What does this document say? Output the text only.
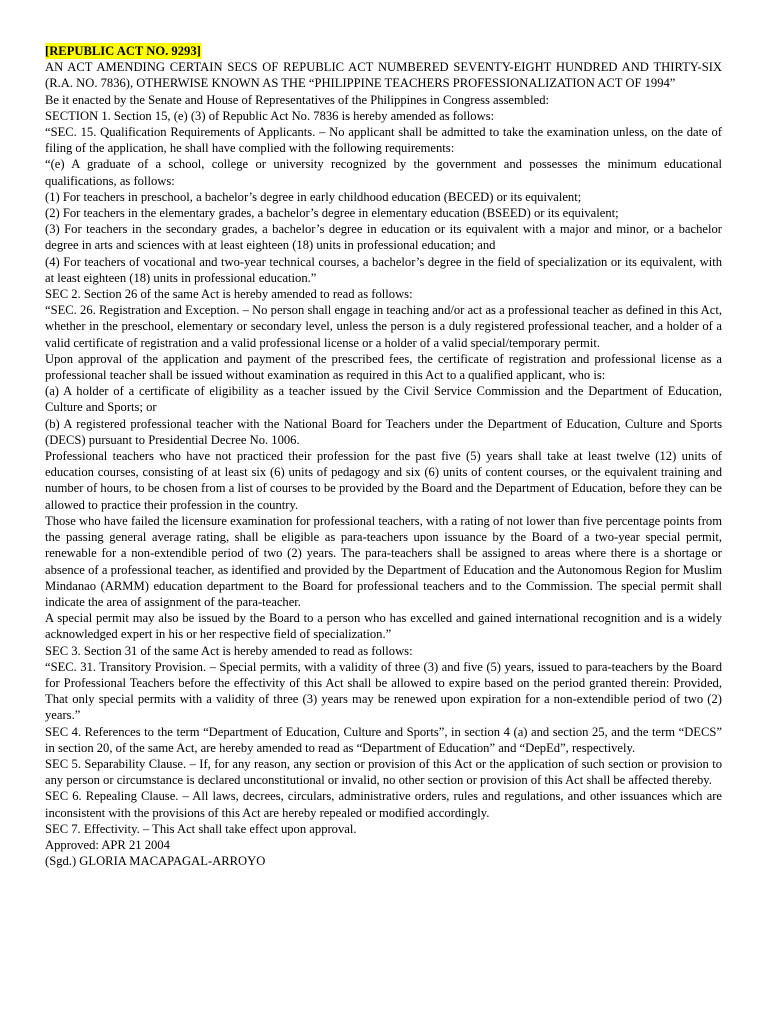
[REPUBLIC ACT NO. 9293]

AN ACT AMENDING CERTAIN SECS OF REPUBLIC ACT NUMBERED SEVENTY-EIGHT HUNDRED AND THIRTY-SIX (R.A. NO. 7836), OTHERWISE KNOWN AS THE “PHILIPPINE TEACHERS PROFESSIONALIZATION ACT OF 1994”

Be it enacted by the Senate and House of Representatives of the Philippines in Congress assembled:

SECTION 1. Section 15, (e) (3) of Republic Act No. 7836 is hereby amended as follows:

“SEC. 15. Qualification Requirements of Applicants. – No applicant shall be admitted to take the examination unless, on the date of filing of the application, he shall have complied with the following requirements:

“(e) A graduate of a school, college or university recognized by the government and possesses the minimum educational qualifications, as follows:

(1) For teachers in preschool, a bachelor’s degree in early childhood education (BECED) or its equivalent;

(2) For teachers in the elementary grades, a bachelor’s degree in elementary education (BSEED) or its equivalent;

(3) For teachers in the secondary grades, a bachelor’s degree in education or its equivalent with a major and minor, or a bachelor degree in arts and sciences with at least eighteen (18) units in professional education; and

(4) For teachers of vocational and two-year technical courses, a bachelor’s degree in the field of specialization or its equivalent, with at least eighteen (18) units in professional education.”

SEC 2. Section 26 of the same Act is hereby amended to read as follows:

“SEC. 26. Registration and Exception. – No person shall engage in teaching and/or act as a professional teacher as defined in this Act, whether in the preschool, elementary or secondary level, unless the person is a duly registered professional teacher, and a holder of a valid certificate of registration and a valid professional license or a holder of a valid special/temporary permit.

Upon approval of the application and payment of the prescribed fees, the certificate of registration and professional license as a professional teacher shall be issued without examination as required in this Act to a qualified applicant, who is:

(a) A holder of a certificate of eligibility as a teacher issued by the Civil Service Commission and the Department of Education, Culture and Sports; or

(b) A registered professional teacher with the National Board for Teachers under the Department of Education, Culture and Sports (DECS) pursuant to Presidential Decree No. 1006.

Professional teachers who have not practiced their profession for the past five (5) years shall take at least twelve (12) units of education courses, consisting of at least six (6) units of pedagogy and six (6) units of content courses, or the equivalent training and number of hours, to be chosen from a list of courses to be provided by the Board and the Department of Education, before they can be allowed to practice their profession in the country.

Those who have failed the licensure examination for professional teachers, with a rating of not lower than five percentage points from the passing general average rating, shall be eligible as para-teachers upon issuance by the Board of a two-year special permit, renewable for a non-extendible period of two (2) years. The para-teachers shall be assigned to areas where there is a shortage or absence of a professional teacher, as identified and provided by the Department of Education and the Autonomous Region for Muslim Mindanao (ARMM) education department to the Board for professional teachers and to the Commission. The special permit shall indicate the area of assignment of the para-teacher.

A special permit may also be issued by the Board to a person who has excelled and gained international recognition and is a widely acknowledged expert in his or her respective field of specialization.”

SEC 3. Section 31 of the same Act is hereby amended to read as follows:

“SEC. 31. Transitory Provision. – Special permits, with a validity of three (3) and five (5) years, issued to para-teachers by the Board for Professional Teachers before the effectivity of this Act shall be allowed to expire based on the period granted therein: Provided, That only special permits with a validity of three (3) years may be renewed upon expiration for a non-extendible period of two (2) years.”

SEC 4. References to the term “Department of Education, Culture and Sports”, in section 4 (a) and section 25, and the term “DECS” in section 20, of the same Act, are hereby amended to read as “Department of Education” and “DepEd”, respectively.

SEC 5. Separability Clause. – If, for any reason, any section or provision of this Act or the application of such section or provision to any person or circumstance is declared unconstitutional or invalid, no other section or provision of this Act shall be affected thereby.

SEC 6. Repealing Clause. – All laws, decrees, circulars, administrative orders, rules and regulations, and other issuances which are inconsistent with the provisions of this Act are hereby repealed or modified accordingly.

SEC 7. Effectivity. – This Act shall take effect upon approval.

Approved: APR 21 2004

(Sgd.) GLORIA MACAPAGAL-ARROYO
